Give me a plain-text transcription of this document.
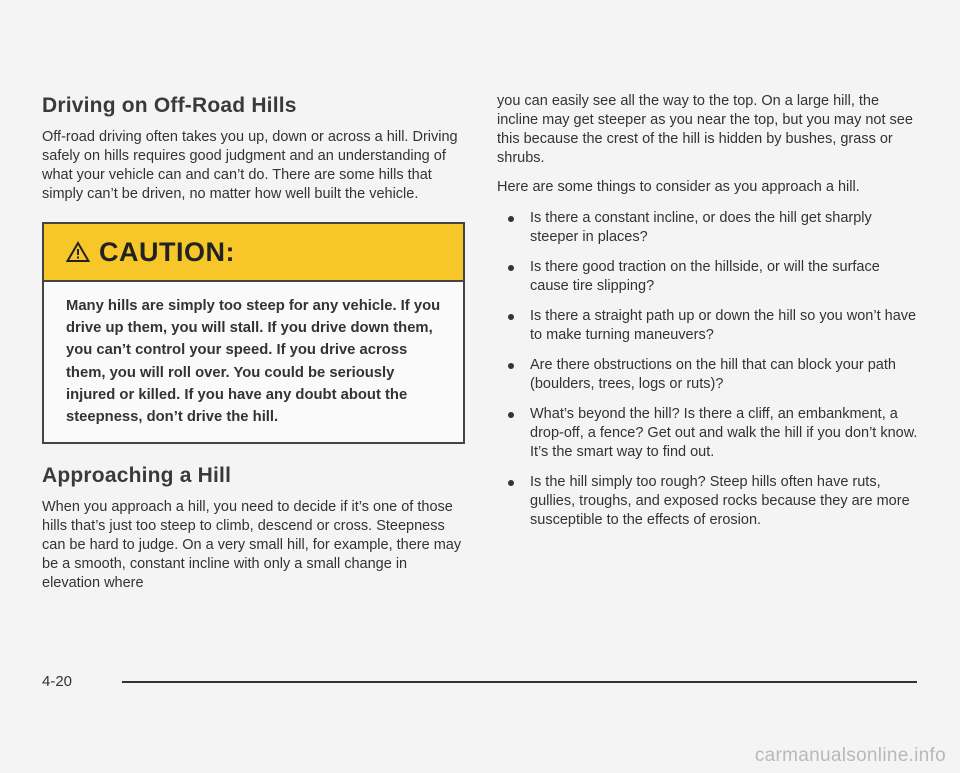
Driving on Off-Road Hills

Off-road driving often takes you up, down or across a hill. Driving safely on hills requires good judgment and an understanding of what your vehicle can and can’t do. There are some hills that simply can’t be driven, no matter how well built the vehicle.

CAUTION:
Many hills are simply too steep for any vehicle. If you drive up them, you will stall. If you drive down them, you can’t control your speed. If you drive across them, you will roll over. You could be seriously injured or killed. If you have any doubt about the steepness, don’t drive the hill.
Approaching a Hill

When you approach a hill, you need to decide if it’s one of those hills that’s just too steep to climb, descend or cross. Steepness can be hard to judge. On a very small hill, for example, there may be a smooth, constant incline with only a small change in elevation where

you can easily see all the way to the top. On a large hill, the incline may get steeper as you near the top, but you may not see this because the crest of the hill is hidden by bushes, grass or shrubs.

Here are some things to consider as you approach a hill.

Is there a constant incline, or does the hill get sharply steeper in places?
Is there good traction on the hillside, or will the surface cause tire slipping?
Is there a straight path up or down the hill so you won’t have to make turning maneuvers?
Are there obstructions on the hill that can block your path (boulders, trees, logs or ruts)?
What’s beyond the hill? Is there a cliff, an embankment, a drop-off, a fence? Get out and walk the hill if you don’t know. It’s the smart way to find out.
Is the hill simply too rough? Steep hills often have ruts, gullies, troughs, and exposed rocks because they are more susceptible to the effects of erosion.
4-20
carmanualsonline.info
